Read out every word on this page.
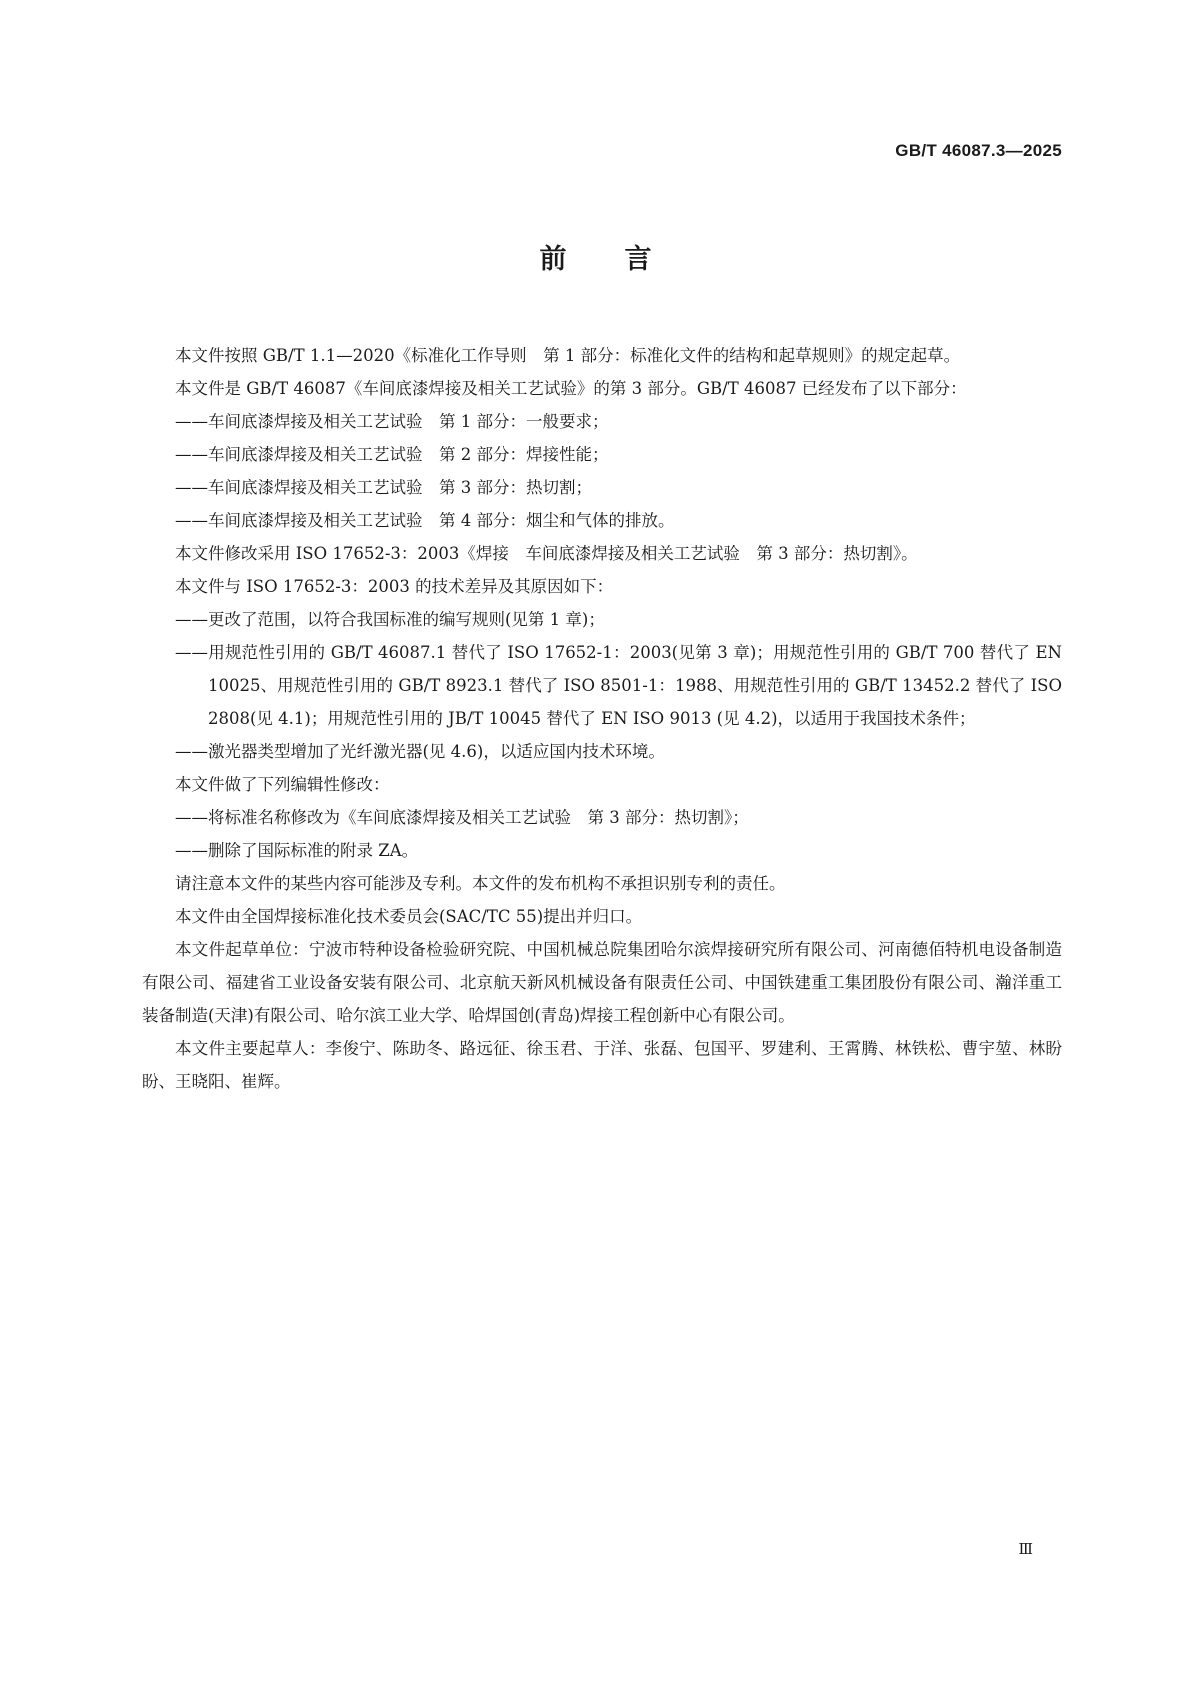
GB/T 46087.3—2025
前言

本文件按照 GB/T 1.1—2020《标准化工作导则　第 1 部分：标准化文件的结构和起草规则》的规定起草。

本文件是 GB/T 46087《车间底漆焊接及相关工艺试验》的第 3 部分。GB/T 46087 已经发布了以下部分：

——车间底漆焊接及相关工艺试验　第 1 部分：一般要求；
——车间底漆焊接及相关工艺试验　第 2 部分：焊接性能；
——车间底漆焊接及相关工艺试验　第 3 部分：热切割；
——车间底漆焊接及相关工艺试验　第 4 部分：烟尘和气体的排放。

本文件修改采用 ISO 17652-3：2003《焊接　车间底漆焊接及相关工艺试验　第 3 部分：热切割》。

本文件与 ISO 17652-3：2003 的技术差异及其原因如下：

——更改了范围，以符合我国标准的编写规则(见第 1 章)；
——用规范性引用的 GB/T 46087.1 替代了 ISO 17652-1：2003(见第 3 章)；用规范性引用的 GB/T 700 替代了 EN 10025、用规范性引用的 GB/T 8923.1 替代了 ISO 8501-1：1988、用规范性引用的 GB/T 13452.2 替代了 ISO 2808(见 4.1)；用规范性引用的 JB/T 10045 替代了 EN ISO 9013 (见 4.2)，以适用于我国技术条件；
——激光器类型增加了光纤激光器(见 4.6)，以适应国内技术环境。

本文件做了下列编辑性修改：

——将标准名称修改为《车间底漆焊接及相关工艺试验　第 3 部分：热切割》；
——删除了国际标准的附录 ZA。

请注意本文件的某些内容可能涉及专利。本文件的发布机构不承担识别专利的责任。

本文件由全国焊接标准化技术委员会(SAC/TC 55)提出并归口。

本文件起草单位：宁波市特种设备检验研究院、中国机械总院集团哈尔滨焊接研究所有限公司、河南德佰特机电设备制造有限公司、福建省工业设备安装有限公司、北京航天新风机械设备有限责任公司、中国铁建重工集团股份有限公司、瀚洋重工装备制造(天津)有限公司、哈尔滨工业大学、哈焊国创(青岛)焊接工程创新中心有限公司。

本文件主要起草人：李俊宁、陈助冬、路远征、徐玉君、于洋、张磊、包国平、罗建利、王霄腾、林铁松、曹宇堃、林盼盼、王晓阳、崔辉。

Ⅲ
